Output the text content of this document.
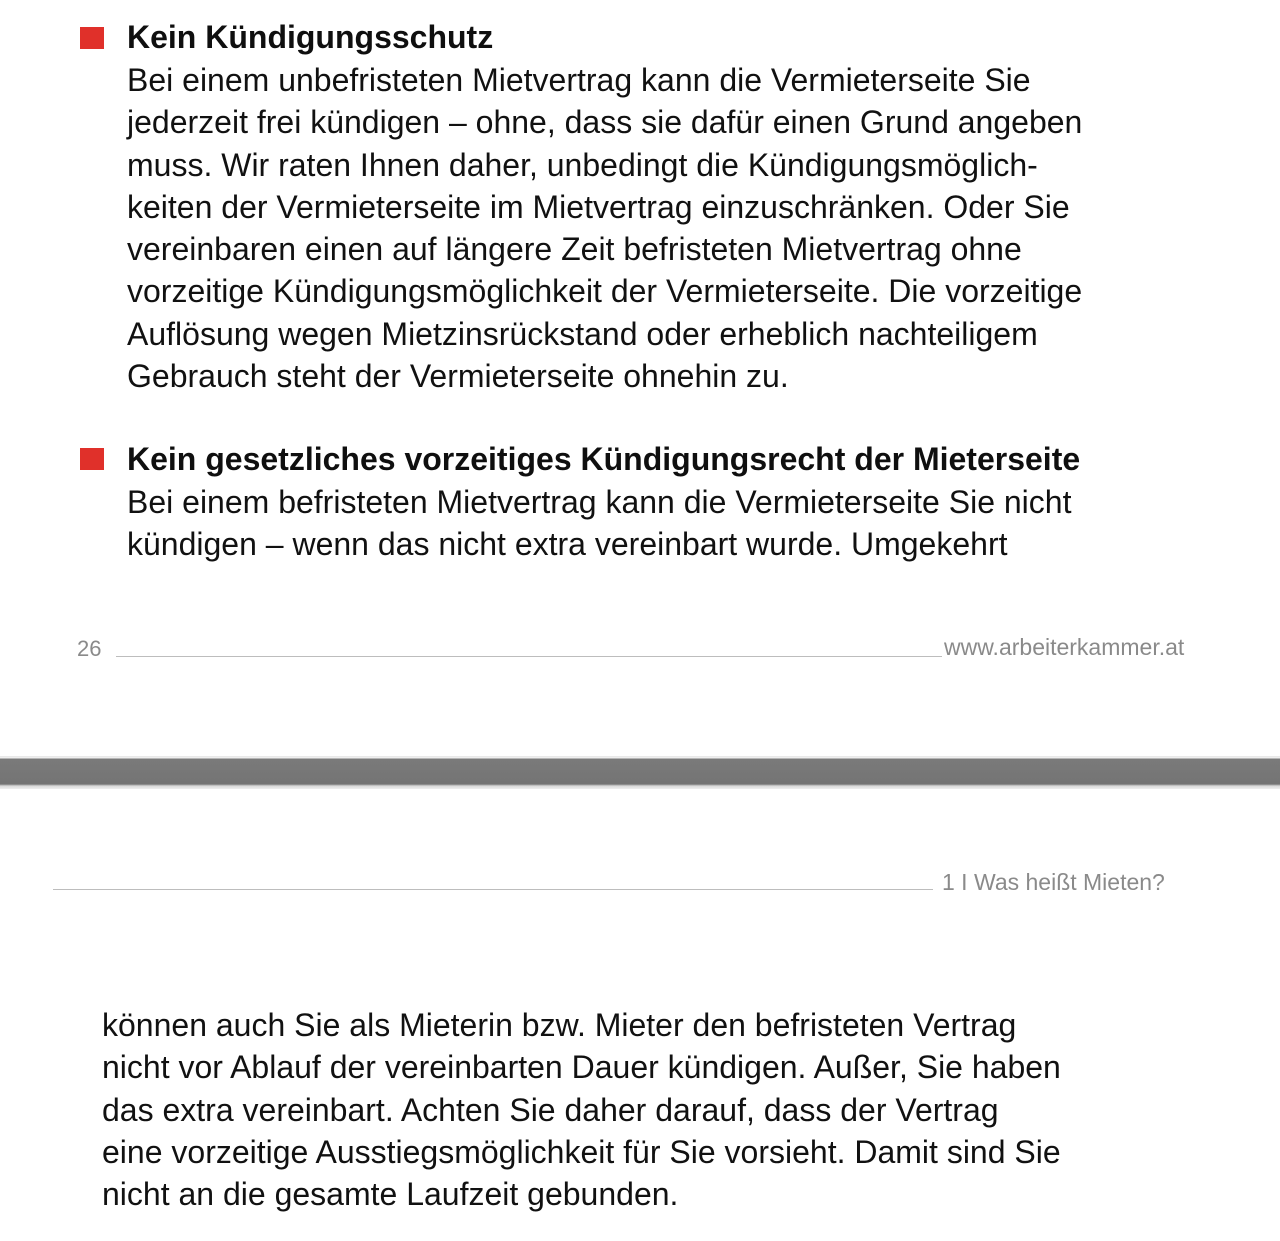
Kein Kündigungsschutz

Bei einem unbefristeten Mietvertrag kann die Vermieterseite Sie
jederzeit frei kündigen – ohne, dass sie dafür einen Grund angeben
muss. Wir raten Ihnen daher, unbedingt die Kündigungsmöglich-
keiten der Vermieterseite im Mietvertrag einzuschränken. Oder Sie
vereinbaren einen auf längere Zeit befristeten Mietvertrag ohne
vorzeitige Kündigungsmöglichkeit der Vermieterseite. Die vorzeitige
Auflösung wegen Mietzinsrückstand oder erheblich nachteiligem
Gebrauch steht der Vermieterseite ohnehin zu.

Kein gesetzliches vorzeitiges Kündigungsrecht der Mieterseite

Bei einem befristeten Mietvertrag kann die Vermieterseite Sie nicht
kündigen – wenn das nicht extra vereinbart wurde. Umgekehrt

26	www.arbeiterkammer.at
1 I Was heißt Mieten?

können auch Sie als Mieterin bzw. Mieter den befristeten Vertrag
nicht vor Ablauf der vereinbarten Dauer kündigen. Außer, Sie haben
das extra vereinbart. Achten Sie daher darauf, dass der Vertrag
eine vorzeitige Ausstiegsmöglichkeit für Sie vorsieht. Damit sind Sie
nicht an die gesamte Laufzeit gebunden.
